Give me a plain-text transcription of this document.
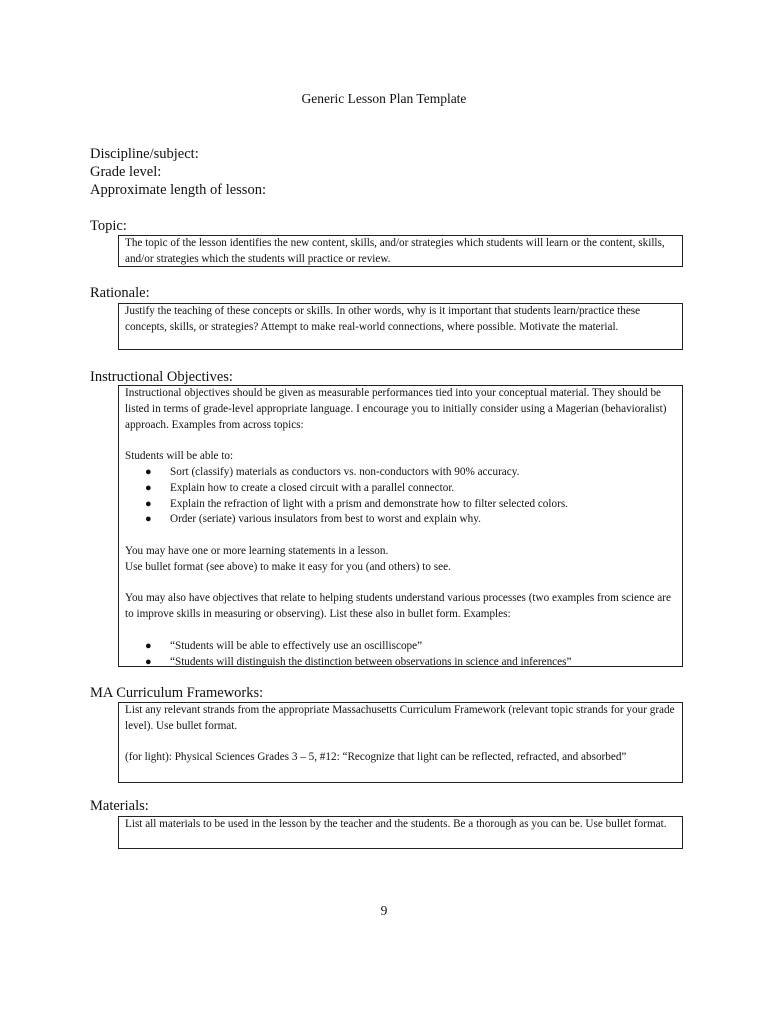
Generic Lesson Plan Template
Discipline/subject:
Grade level:
Approximate length of lesson:
Topic:

The topic of the lesson identifies the new content, skills, and/or strategies which students will learn or the content, skills, and/or strategies which the students will practice or review.

Rationale:

Justify the teaching of these concepts or skills. In other words, why is it important that students learn/practice these concepts, skills, or strategies? Attempt to make real-world connections, where possible. Motivate the material.

Instructional Objectives:

Instructional objectives should be given as measurable performances tied into your conceptual material. They should be listed in terms of grade-level appropriate language. I encourage you to initially consider using a Magerian (behavioralist) approach. Examples from across topics:

Students will be able to:

● Sort (classify) materials as conductors vs. non-conductors with 90% accuracy.
● Explain how to create a closed circuit with a parallel connector.
● Explain the refraction of light with a prism and demonstrate how to filter selected colors.
● Order (seriate) various insulators from best to worst and explain why.

You may have one or more learning statements in a lesson.

Use bullet format (see above) to make it easy for you (and others) to see.

You may also have objectives that relate to helping students understand various processes (two examples from science are to improve skills in measuring or observing). List these also in bullet form. Examples:

● “Students will be able to effectively use an oscilliscope”
● “Students will distinguish the distinction between observations in science and inferences”
MA Curriculum Frameworks:

List any relevant strands from the appropriate Massachusetts Curriculum Framework (relevant topic strands for your grade level). Use bullet format.

(for light): Physical Sciences Grades 3 – 5, #12: “Recognize that light can be reflected, refracted, and absorbed”

Materials:

List all materials to be used in the lesson by the teacher and the students. Be a thorough as you can be. Use bullet format.

9
